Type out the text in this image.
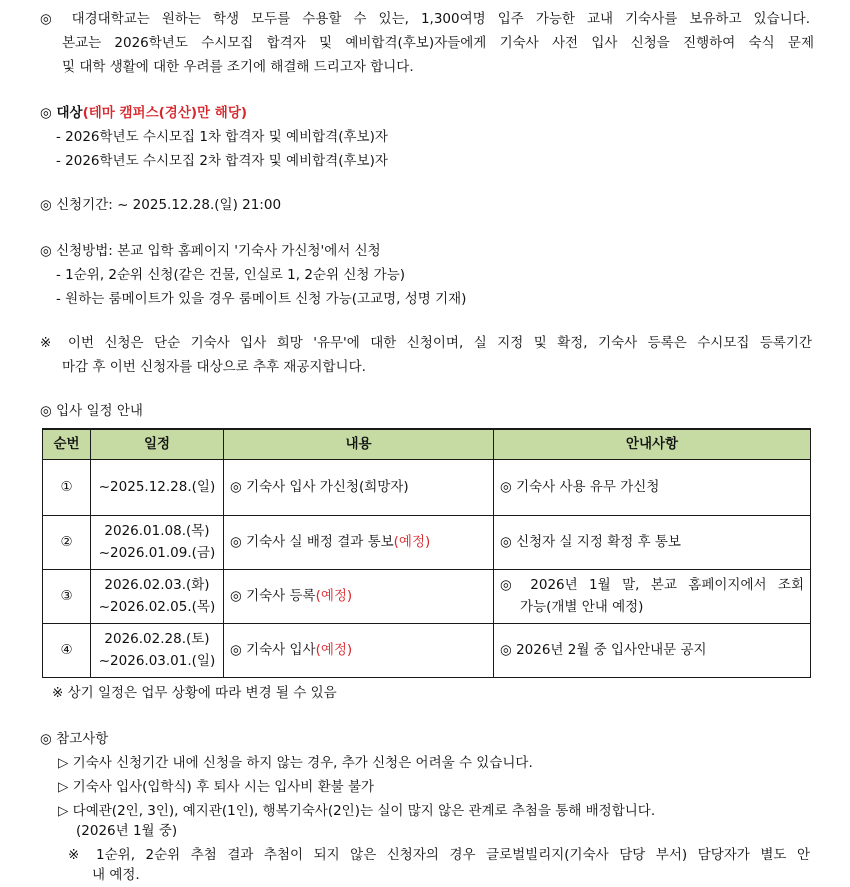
◎ 대경대학교는 원하는 학생 모두를 수용할 수 있는, 1,300여명 입주 가능한 교내 기숙사를 보유하고 있습니다.
본교는 2026학년도 수시모집 합격자 및 예비합격(후보)자들에게 기숙사 사전 입사 신청을 진행하여 숙식 문제
및 대학 생활에 대한 우려를 조기에 해결해 드리고자 합니다.
◎ 대상(테마 캠퍼스(경산)만 해당)
- 2026학년도 수시모집 1차 합격자 및 예비합격(후보)자
- 2026학년도 수시모집 2차 합격자 및 예비합격(후보)자
◎ 신청기간: ~ 2025.12.28.(일) 21:00
◎ 신청방법: 본교 입학 홈페이지 '기숙사 가신청'에서 신청
- 1순위, 2순위 신청(같은 건물, 인실로 1, 2순위 신청 가능)
- 원하는 룸메이트가 있을 경우 룸메이트 신청 가능(고교명, 성명 기재)
※ 이번 신청은 단순 기숙사 입사 희망 '유무'에 대한 신청이며, 실 지정 및 확정, 기숙사 등록은 수시모집 등록기간
마감 후 이번 신청자를 대상으로 추후 재공지합니다.
◎ 입사 일정 안내
순번	일정	내용	안내사항
①	~2025.12.28.(일)	◎ 기숙사 입사 가신청(희망자)	◎ 기숙사 사용 유무 가신청
②	2026.01.08.(목)
~2026.01.09.(금)	◎ 기숙사 실 배정 결과 통보(예정)	◎ 신청자 실 지정 확정 후 통보
③	2026.02.03.(화)
~2026.02.05.(목)	◎ 기숙사 등록(예정)	◎ 2026년 1월 말, 본교 홈페이지에서 조회
가능(개별 안내 예정)

④	2026.02.28.(토)
~2026.03.01.(일)	◎ 기숙사 입사(예정)	◎ 2026년 2월 중 입사안내문 공지
※ 상기 일정은 업무 상황에 따라 변경 될 수 있음
◎ 참고사항
▷ 기숙사 신청기간 내에 신청을 하지 않는 경우, 추가 신청은 어려울 수 있습니다.
▷ 기숙사 입사(입학식) 후 퇴사 시는 입사비 환불 불가
▷ 다예관(2인, 3인), 예지관(1인), 행복기숙사(2인)는 실이 많지 않은 관계로 추첨을 통해 배정합니다.
(2026년 1월 중)
※ 1순위, 2순위 추첨 결과 추첨이 되지 않은 신청자의 경우 글로벌빌리지(기숙사 담당 부서) 담당자가 별도 안
내 예정.
